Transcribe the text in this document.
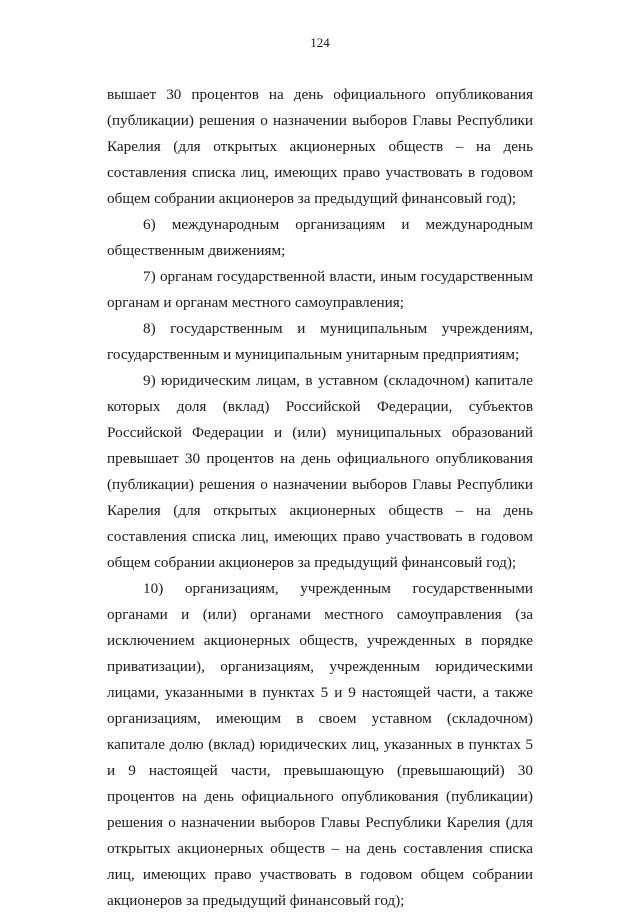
124

вышает 30 процентов на день официального опубликования (публикации) решения о назначении выборов Главы Республики Карелия (для открытых акционерных обществ – на день составления списка лиц, имеющих право участвовать в годовом общем собрании акционеров за предыдущий финансовый год);

6) международным организациям и международным общественным движениям;

7) органам государственной власти, иным государственным органам и органам местного самоуправления;

8) государственным и муниципальным учреждениям, государственным и муниципальным унитарным предприятиям;

9) юридическим лицам, в уставном (складочном) капитале которых доля (вклад) Российской Федерации, субъектов Российской Федерации и (или) муниципальных образований превышает 30 процентов на день официального опубликования (публикации) решения о назначении выборов Главы Республики Карелия (для открытых акционерных обществ – на день составления списка лиц, имеющих право участвовать в годовом общем собрании акционеров за предыдущий финансовый год);

10) организациям, учрежденным государственными органами и (или) органами местного самоуправления (за исключением акционерных обществ, учрежденных в порядке приватизации), организациям, учрежденным юридическими лицами, указанными в пунктах 5 и 9 настоящей части, а также организациям, имеющим в своем уставном (складочном) капитале долю (вклад) юридических лиц, указанных в пунктах 5 и 9 настоящей части, превышающую (превышающий) 30 процентов на день официального опубликования (публикации) решения о назначении выборов Главы Республики Карелия (для открытых акционерных обществ – на день составления списка лиц, имеющих право участвовать в годовом общем собрании акционеров за предыдущий финансовый год);
